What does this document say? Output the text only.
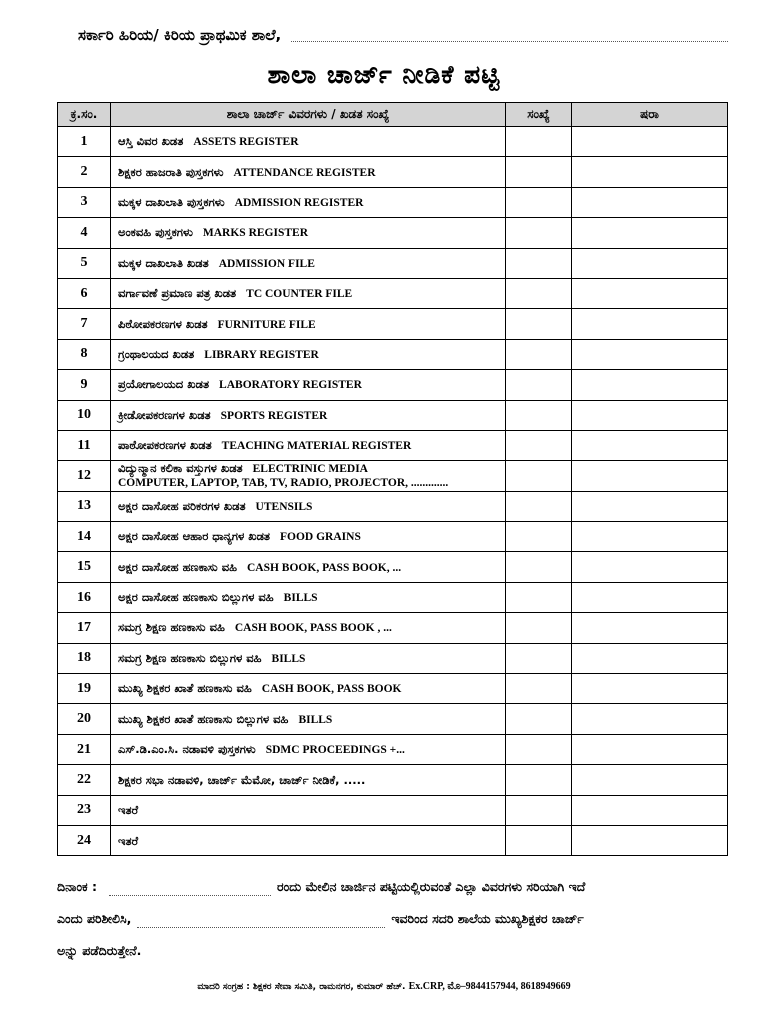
ಸರ್ಕಾರಿ ಹಿರಿಯ/ ಕಿರಿಯ ಪ್ರಾಥಮಿಕ ಶಾಲೆ,
ಶಾಲಾ ಚಾರ್ಜ್ ನೀಡಿಕೆ ಪಟ್ಟಿ
ಕ್ರ.ಸಂ.	ಶಾಲಾ ಚಾರ್ಜ್ ವಿವರಗಳು / ಖಡತ ಸಂಖ್ಯೆ	ಸಂಖ್ಯೆ	ಷರಾ
1	ಆಸ್ತಿ ವಿವರ ಖಡತ ASSETS REGISTER		
2	ಶಿಕ್ಷಕರ ಹಾಜರಾತಿ ಪುಸ್ತಕಗಳು ATTENDANCE REGISTER		
3	ಮಕ್ಕಳ ದಾಖಲಾತಿ ಪುಸ್ತಕಗಳು ADMISSION REGISTER		
4	ಅಂಕವಹಿ ಪುಸ್ತಕಗಳು MARKS REGISTER		
5	ಮಕ್ಕಳ ದಾಖಲಾತಿ ಖಡತ ADMISSION FILE		
6	ವರ್ಗಾವಣೆ ಪ್ರಮಾಣ ಪತ್ರ ಖಡತ TC COUNTER FILE		
7	ಪಿಠೋಪಕರಣಗಳ ಖಡತ FURNITURE FILE		
8	ಗ್ರಂಥಾಲಯದ ಖಡತ LIBRARY REGISTER		
9	ಪ್ರಯೋಗಾಲಯದ ಖಡತ LABORATORY REGISTER		
10	ಕ್ರೀಡೋಪಕರಣಗಳ ಖಡತ SPORTS REGISTER		
11	ಪಾಠೋಪಕರಣಗಳ ಖಡತ TEACHING MATERIAL REGISTER		
12	ವಿದ್ಯುನ್ಮಾನ ಕಲಿಕಾ ವಸ್ತುಗಳ ಖಡತ ELECTRINIC MEDIA
COMPUTER, LAPTOP, TAB, TV, RADIO, PROJECTOR, .............		

13	ಅಕ್ಷರ ದಾಸೋಹ ಪರಿಕರಗಳ ಖಡತ UTENSILS		
14	ಅಕ್ಷರ ದಾಸೋಹ ಆಹಾರ ಧಾನ್ಯಗಳ ಖಡತ FOOD GRAINS		
15	ಅಕ್ಷರ ದಾಸೋಹ ಹಣಕಾಸು ವಹಿ CASH BOOK, PASS BOOK, ...		
16	ಅಕ್ಷರ ದಾಸೋಹ ಹಣಕಾಸು ಬಿಲ್ಲುಗಳ ವಹಿ BILLS		
17	ಸಮಗ್ರ ಶಿಕ್ಷಣ ಹಣಕಾಸು ವಹಿ CASH BOOK, PASS BOOK , ...		
18	ಸಮಗ್ರ ಶಿಕ್ಷಣ ಹಣಕಾಸು ಬಿಲ್ಲುಗಳ ವಹಿ BILLS		
19	ಮುಖ್ಯ ಶಿಕ್ಷಕರ ಖಾತೆ ಹಣಕಾಸು ವಹಿ CASH BOOK, PASS BOOK		
20	ಮುಖ್ಯ ಶಿಕ್ಷಕರ ಖಾತೆ ಹಣಕಾಸು ಬಿಲ್ಲುಗಳ ವಹಿ BILLS		
21	ಎಸ್.ಡಿ.ಎಂ.ಸಿ. ನಡಾವಳಿ ಪುಸ್ತಕಗಳು SDMC PROCEEDINGS +...		
22	ಶಿಕ್ಷಕರ ಸಭಾ ನಡಾವಳಿ, ಚಾರ್ಜ್ ಮೆಮೋ, ಚಾರ್ಜ್ ನೀಡಿಕೆ, .....		
23	ಇತರೆ		
24	ಇತರೆ		
ದಿನಾಂಕ :	ರಂದು ಮೇಲಿನ ಚಾರ್ಜಿನ ಪಟ್ಟಿಯಲ್ಲಿರುವಂತೆ ಎಲ್ಲಾ ವಿವರಗಳು ಸರಿಯಾಗಿ ಇದೆ
ಎಂದು ಪರಿಶೀಲಿಸಿ,	ಇವರಿಂದ ಸದರಿ ಶಾಲೆಯ ಮುಖ್ಯಶಿಕ್ಷಕರ ಚಾರ್ಜ್
ಅನ್ನು ಪಡೆದಿರುತ್ತೇನೆ.
ಮಾದರಿ ಸಂಗ್ರಹ : ಶಿಕ್ಷಕರ ಸೇವಾ ಸಮಿತಿ, ರಾಮನಗರ, ಕುಮಾರ್ ಹೆಚ್. Ex.CRP, ಮೊ–9844157944, 8618949669
